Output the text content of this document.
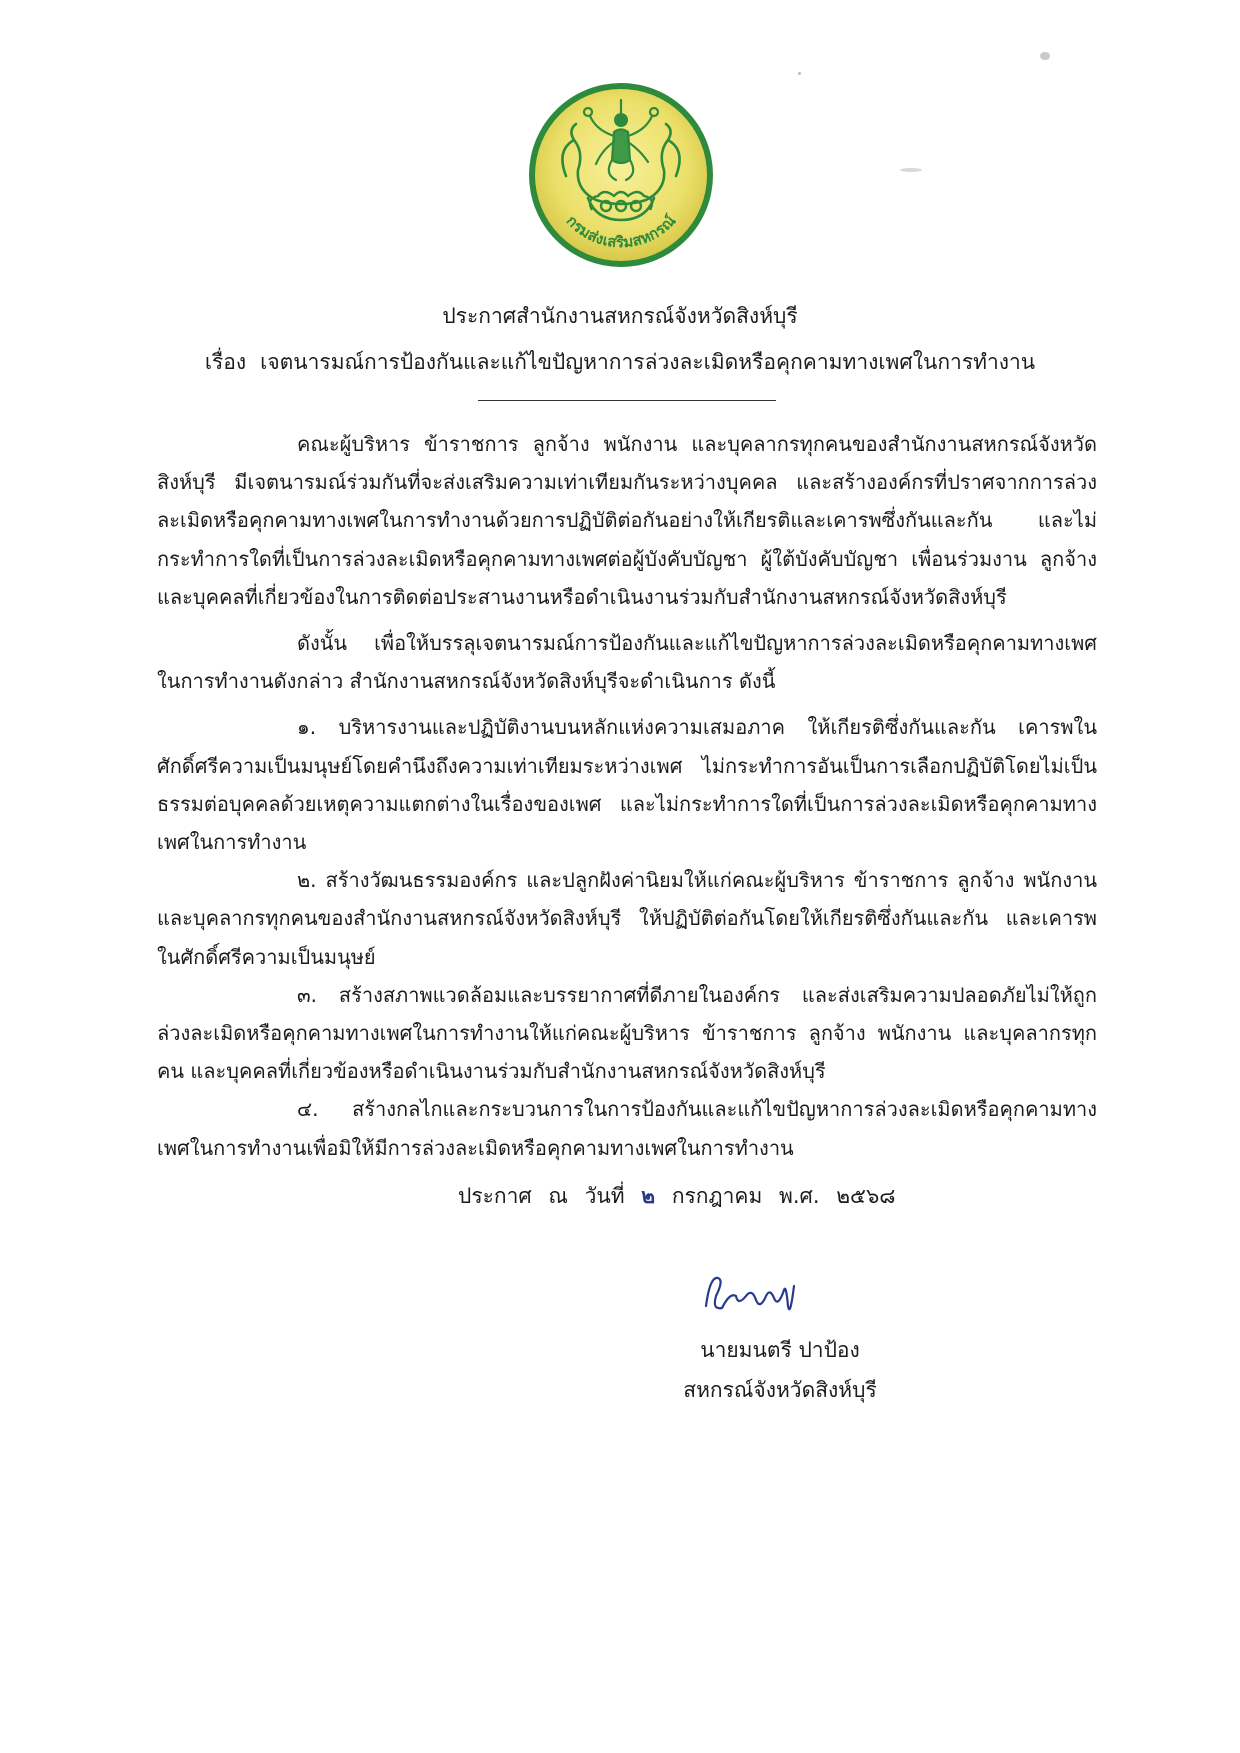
กรมส่งเสริมสหกรณ์
ประกาศสำนักงานสหกรณ์จังหวัดสิงห์บุรี
เรื่อง เจตนารมณ์การป้องกันและแก้ไขปัญหาการล่วงละเมิดหรือคุกคามทางเพศในการทำงาน

คณะผู้บริหาร ข้าราชการ ลูกจ้าง พนักงาน และบุคลากรทุกคนของสำนักงานสหกรณ์จังหวัดสิงห์บุรี มีเจตนารมณ์ร่วมกันที่จะส่งเสริมความเท่าเทียมกันระหว่างบุคคล และสร้างองค์กรที่ปราศจากการล่วงละเมิดหรือคุกคามทางเพศในการทำงานด้วยการปฏิบัติต่อกันอย่างให้เกียรติและเคารพซึ่งกันและกัน และไม่กระทำการใดที่เป็นการล่วงละเมิดหรือคุกคามทางเพศต่อผู้บังคับบัญชา ผู้ใต้บังคับบัญชา เพื่อนร่วมงาน ลูกจ้าง และบุคคลที่เกี่ยวข้องในการติดต่อประสานงานหรือดำเนินงานร่วมกับสำนักงานสหกรณ์จังหวัดสิงห์บุรี

ดังนั้น เพื่อให้บรรลุเจตนารมณ์การป้องกันและแก้ไขปัญหาการล่วงละเมิดหรือคุกคามทางเพศในการทำงานดังกล่าว สำนักงานสหกรณ์จังหวัดสิงห์บุรีจะดำเนินการ ดังนี้

๑. บริหารงานและปฏิบัติงานบนหลักแห่งความเสมอภาค ให้เกียรติซึ่งกันและกัน เคารพในศักดิ์ศรีความเป็นมนุษย์โดยคำนึงถึงความเท่าเทียมระหว่างเพศ ไม่กระทำการอันเป็นการเลือกปฏิบัติโดยไม่เป็นธรรมต่อบุคคลด้วยเหตุความแตกต่างในเรื่องของเพศ และไม่กระทำการใดที่เป็นการล่วงละเมิดหรือคุกคามทางเพศในการทำงาน

๒. สร้างวัฒนธรรมองค์กร และปลูกฝังค่านิยมให้แก่คณะผู้บริหาร ข้าราชการ ลูกจ้าง พนักงาน และบุคลากรทุกคนของสำนักงานสหกรณ์จังหวัดสิงห์บุรี ให้ปฏิบัติต่อกันโดยให้เกียรติซึ่งกันและกัน และเคารพในศักดิ์ศรีความเป็นมนุษย์

๓. สร้างสภาพแวดล้อมและบรรยากาศที่ดีภายในองค์กร และส่งเสริมความปลอดภัยไม่ให้ถูกล่วงละเมิดหรือคุกคามทางเพศในการทำงานให้แก่คณะผู้บริหาร ข้าราชการ ลูกจ้าง พนักงาน และบุคลากรทุกคน และบุคคลที่เกี่ยวข้องหรือดำเนินงานร่วมกับสำนักงานสหกรณ์จังหวัดสิงห์บุรี

๔. สร้างกลไกและกระบวนการในการป้องกันและแก้ไขปัญหาการล่วงละเมิดหรือคุกคามทางเพศในการทำงานเพื่อมิให้มีการล่วงละเมิดหรือคุกคามทางเพศในการทำงาน

ประกาศ ณ วันที่ ๒ กรกฎาคม พ.ศ. ๒๕๖๘
นายมนตรี ปาป้อง
สหกรณ์จังหวัดสิงห์บุรี
